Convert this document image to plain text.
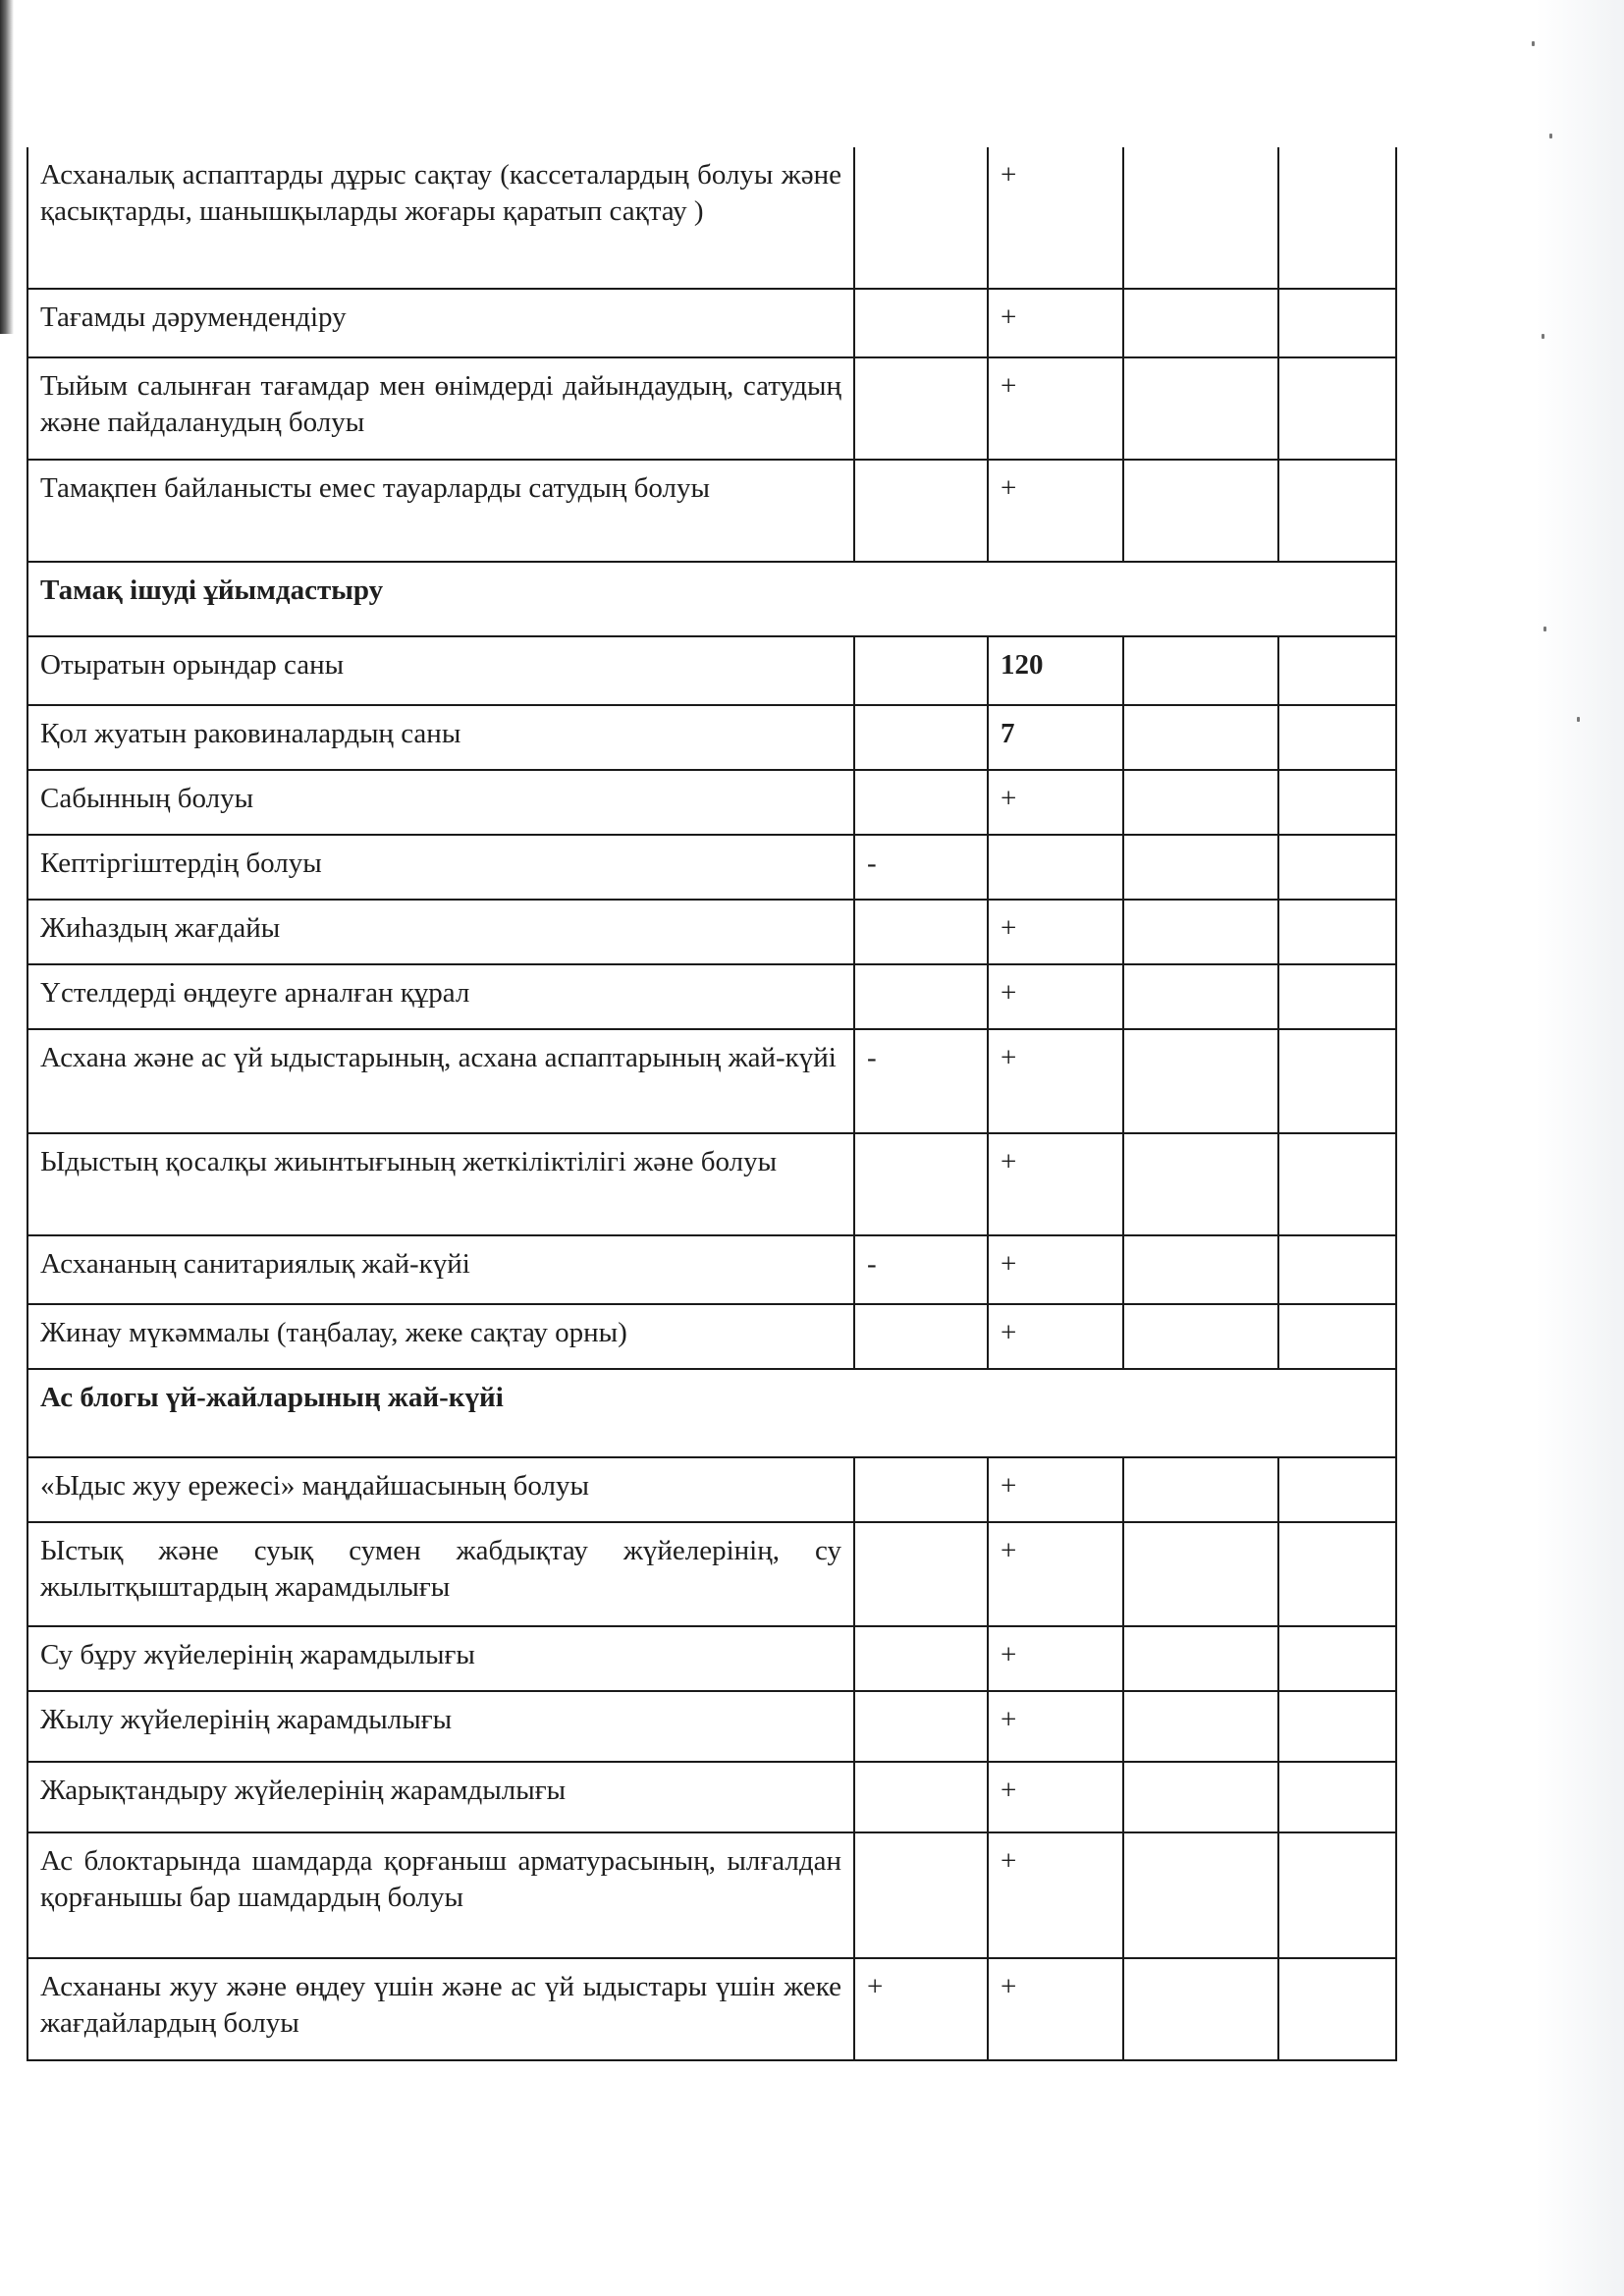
Асханалық аспаптарды дұрыс сақтау (кассеталардың болуы және қасықтарды, шанышқыларды жоғары қаратып сақтау )		+		
Тағамды дәрумендендіру		+		
Тыйым салынған тағамдар мен өнімдерді дайындаудың, сатудың және пайдаланудың болуы		+		
Тамақпен байланысты емес тауарларды сатудың болуы		+		
Тамақ ішуді ұйымдастыру				
Отыратын орындар саны		120		
Қол жуатын раковиналардың саны		7		
Сабынның болуы		+		
Кептіргіштердің болуы	-			
Жиһаздың жағдайы		+		
Үстелдерді өңдеуге арналған құрал		+		
Асхана және ас үй ыдыстарының, асхана аспаптарының жай-күйі	-	+		
Ыдыстың қосалқы жиынтығының жеткіліктілігі және болуы		+		
Асхананың санитариялық жай-күйі	-	+		
Жинау мүкәммалы (таңбалау, жеке сақтау орны)		+		
Ас блогы үй-жайларының жай-күйі				
«Ыдыс жуу ережесі» маңдайшасының болуы		+		
Ыстық және суық сумен жабдықтау жүйелерінің, су жылытқыштардың жарамдылығы		+		
Су бұру жүйелерінің жарамдылығы		+		
Жылу жүйелерінің жарамдылығы		+		
Жарықтандыру жүйелерінің жарамдылығы		+		
Ас блоктарында шамдарда қорғаныш арматурасының, ылғалдан қорғанышы бар шамдардың болуы		+		
Асхананы жуу және өңдеу үшін және ас үй ыдыстары үшін жеке жағдайлардың болуы	+	+		
